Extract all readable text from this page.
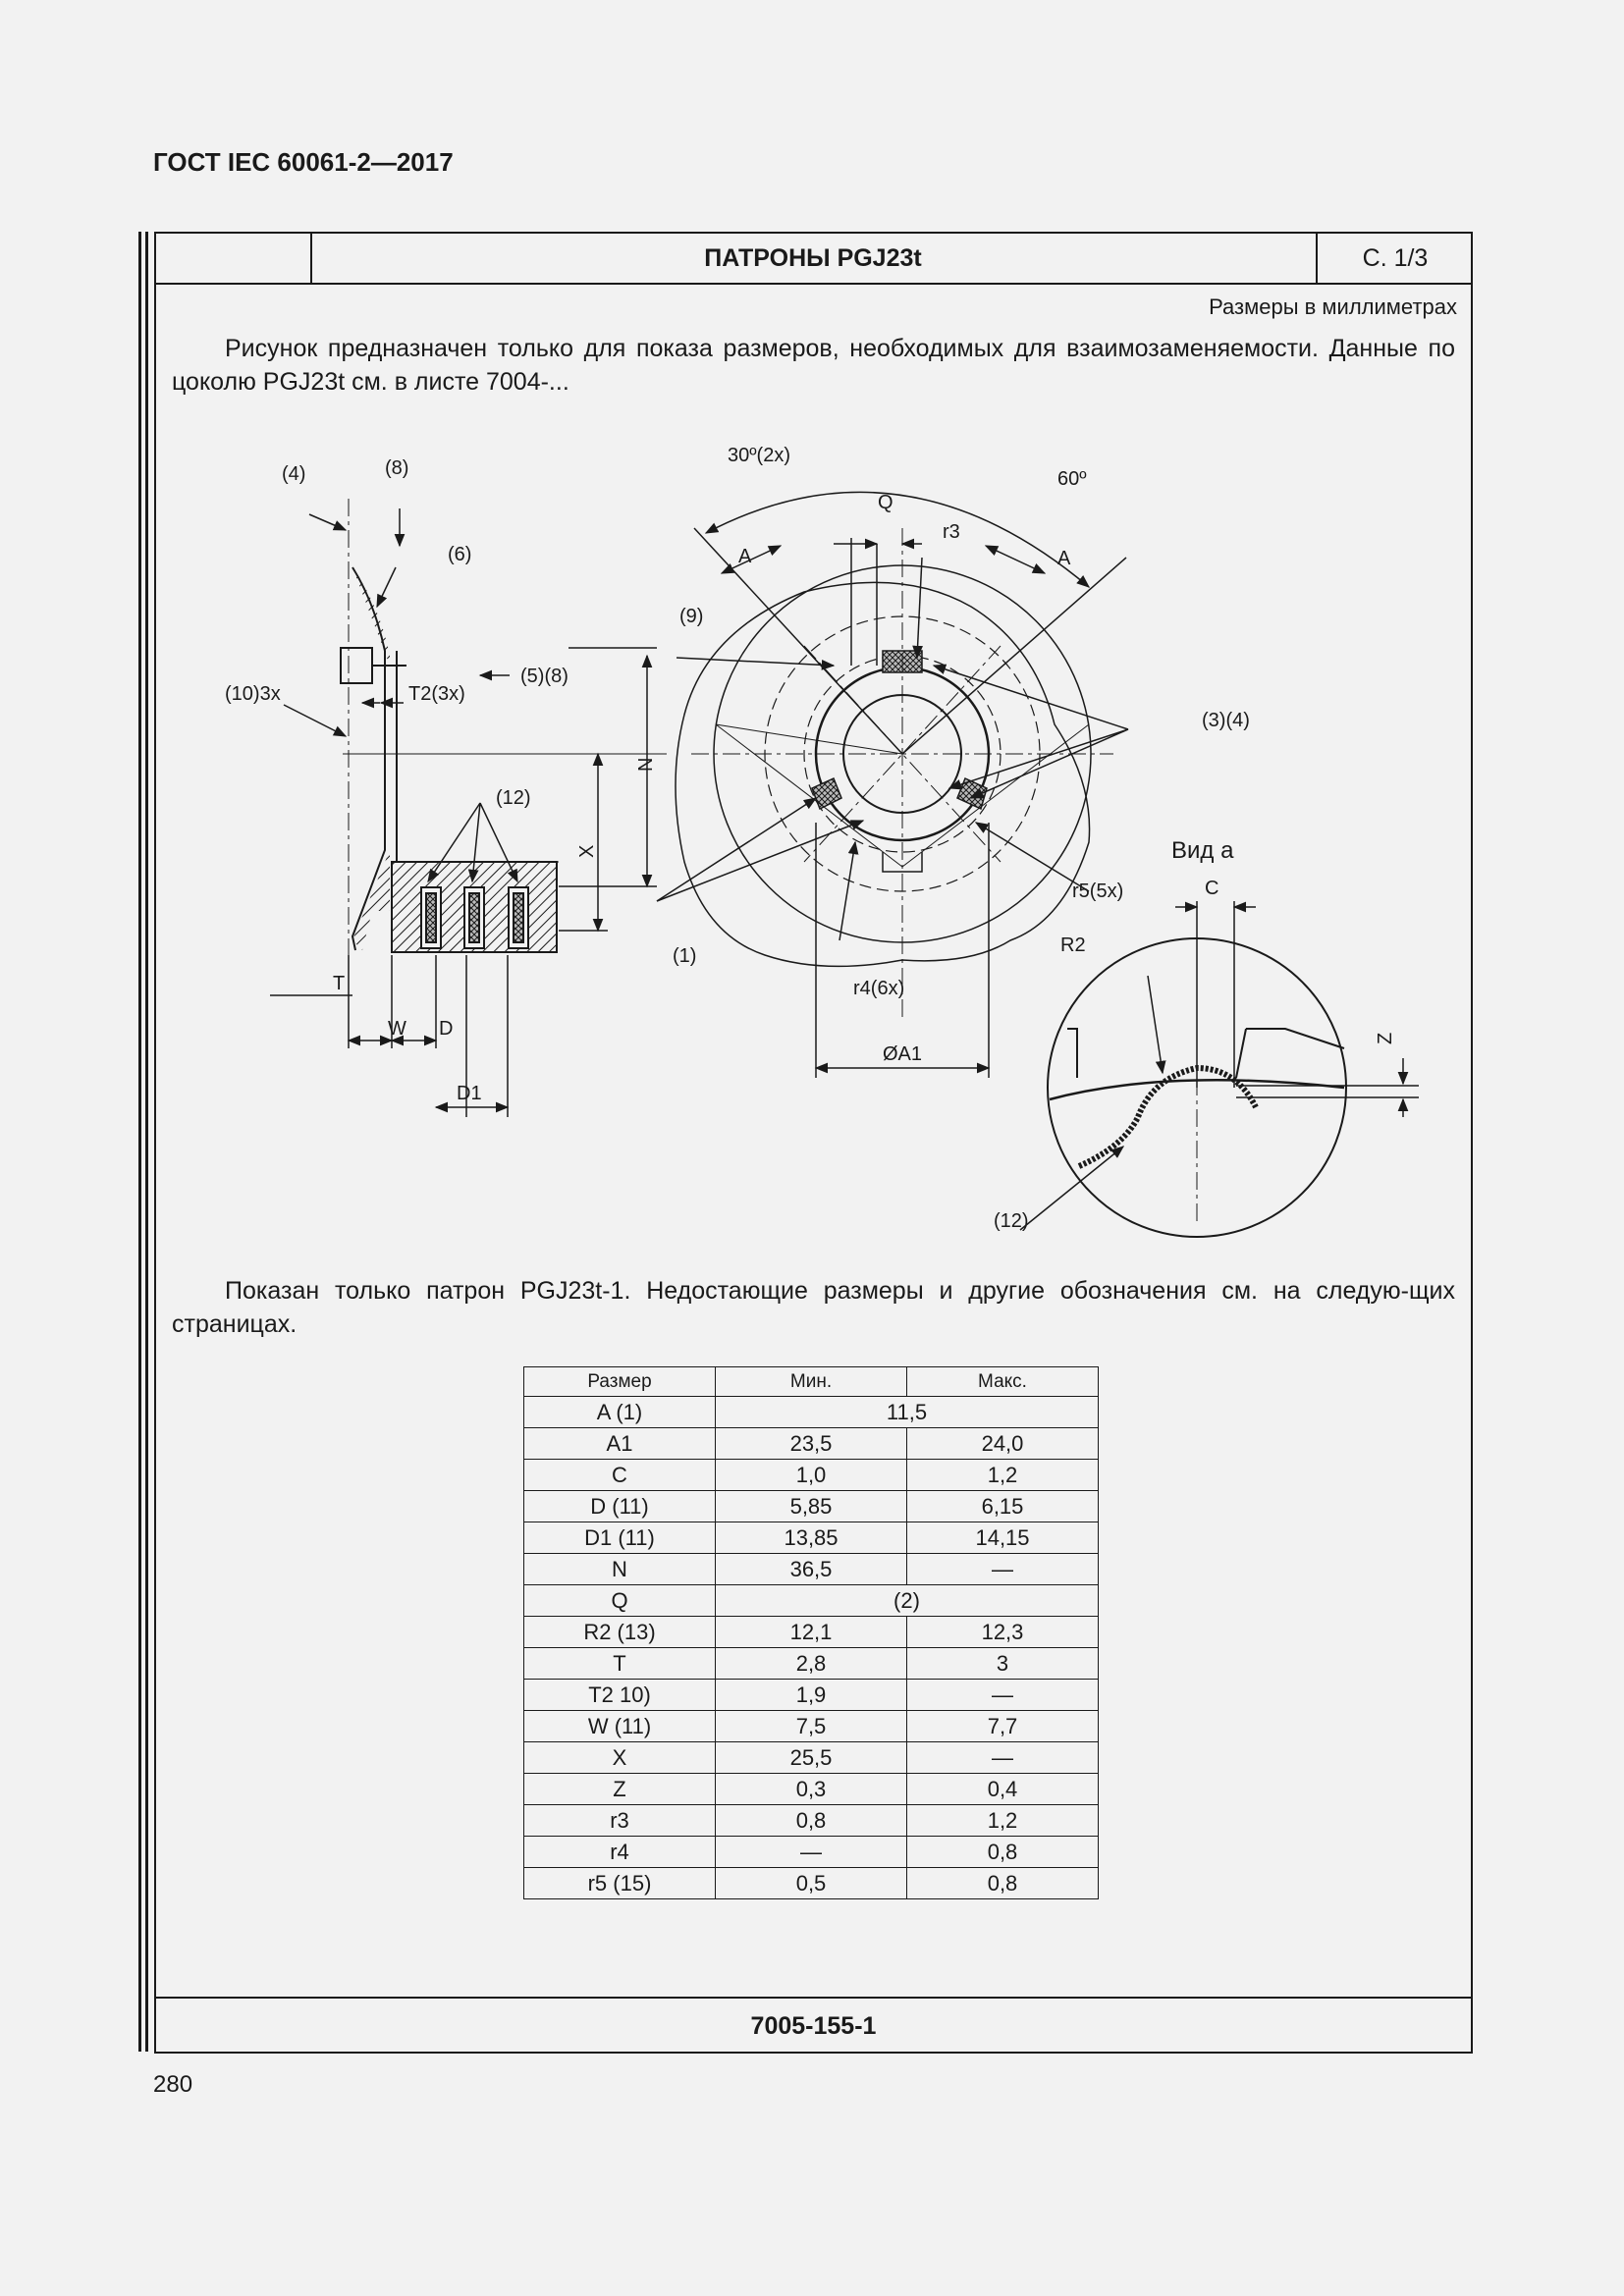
ГОСТ IEC 60061-2—2017
ПАТРОНЫ PGJ23t	С. 1/3
Размеры в миллиметрах

Рисунок предназначен только для показа размеров, необходимых для взаимозаменяемости. Данные по цоколю PGJ23t см. в листе 7004-...

(4)	(8)
(6)
(10)3x	T2(3x)
(5)(8)
(12)
N
X
T
W D
D1
30º(2x)
60º
Q
r3
A	A
(9)
(3)(4)
r5(5x)
(1)
r4(6x)
ØA1
Вид а
C
R2
Z
(12)

Показан только патрон PGJ23t-1. Недостающие размеры и другие обозначения см. на следую-щих страницах.

Размер	Мин.	Макс.
A (1)	11,5	
A1	23,5	24,0
C	1,0	1,2
D (11)	5,85	6,15
D1 (11)	13,85	14,15
N	36,5	—
Q	(2)	
R2 (13)	12,1	12,3
T	2,8	3
T2 10)	1,9	—
W (11)	7,5	7,7
X	25,5	—
Z	0,3	0,4
r3	0,8	1,2
r4	—	0,8
r5 (15)	0,5	0,8
7005-155-1
280
